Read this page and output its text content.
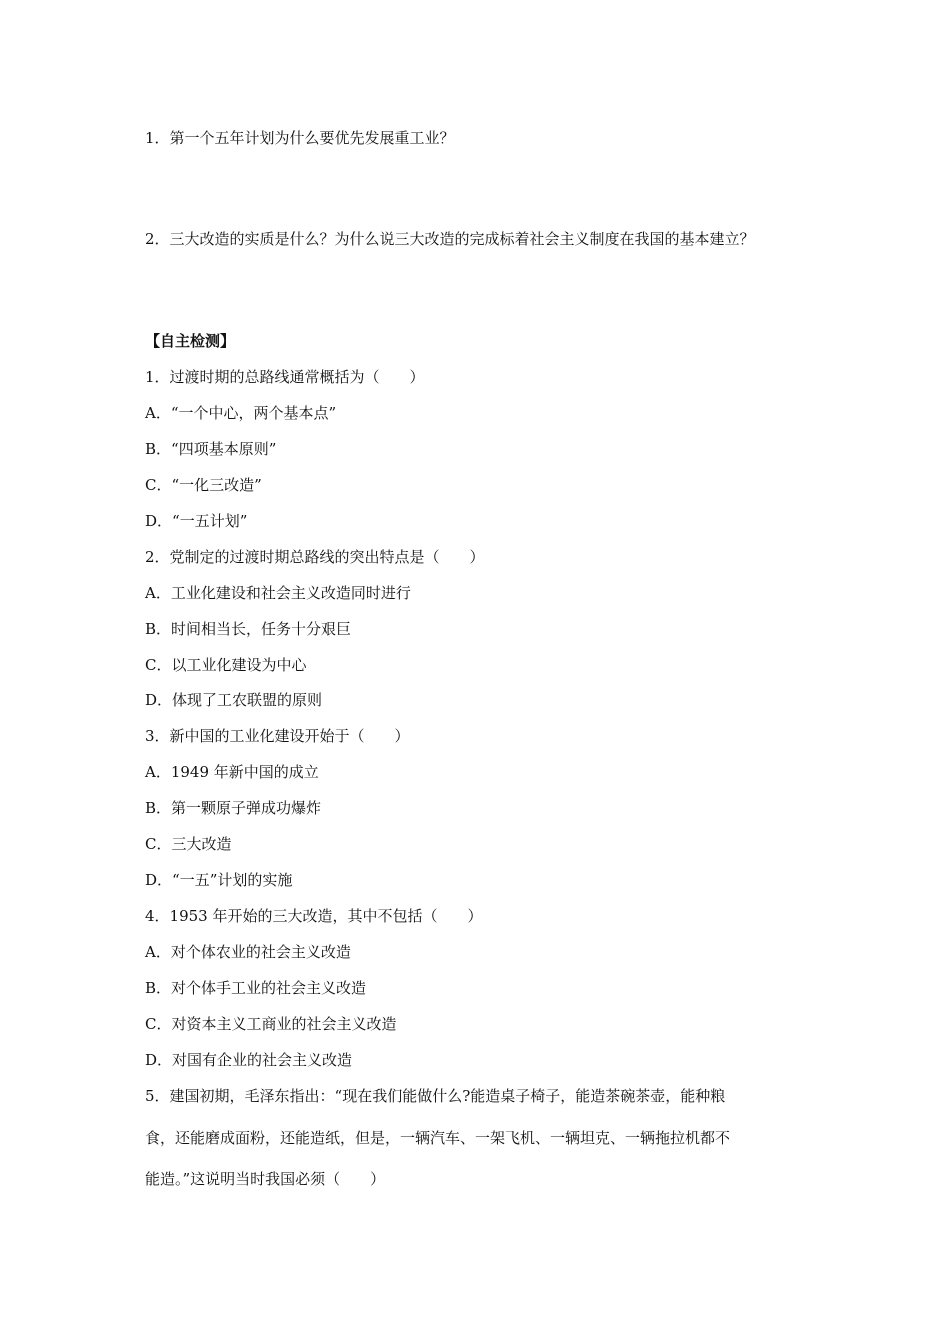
1．第一个五年计划为什么要优先发展重工业？
2．三大改造的实质是什么？为什么说三大改造的完成标着社会主义制度在我国的基本建立？
【自主检测】
1．过渡时期的总路线通常概括为（　　）
A．“一个中心，两个基本点”
B．“四项基本原则”
C．“一化三改造”
D．“一五计划”
2．党制定的过渡时期总路线的突出特点是（　　）
A．工业化建设和社会主义改造同时进行
B．时间相当长，任务十分艰巨
C．以工业化建设为中心
D．体现了工农联盟的原则
3．新中国的工业化建设开始于（　　）
A．1949 年新中国的成立
B．第一颗原子弹成功爆炸
C．三大改造
D．“一五”计划的实施
4．1953 年开始的三大改造，其中不包括（　　）
A．对个体农业的社会主义改造
B．对个体手工业的社会主义改造
C．对资本主义工商业的社会主义改造
D．对国有企业的社会主义改造
5．建国初期，毛泽东指出：“现在我们能做什么?能造桌子椅子，能造茶碗茶壶，能种粮
食，还能磨成面粉，还能造纸，但是，一辆汽车、一架飞机、一辆坦克、一辆拖拉机都不
能造。”这说明当时我国必须（　　）
